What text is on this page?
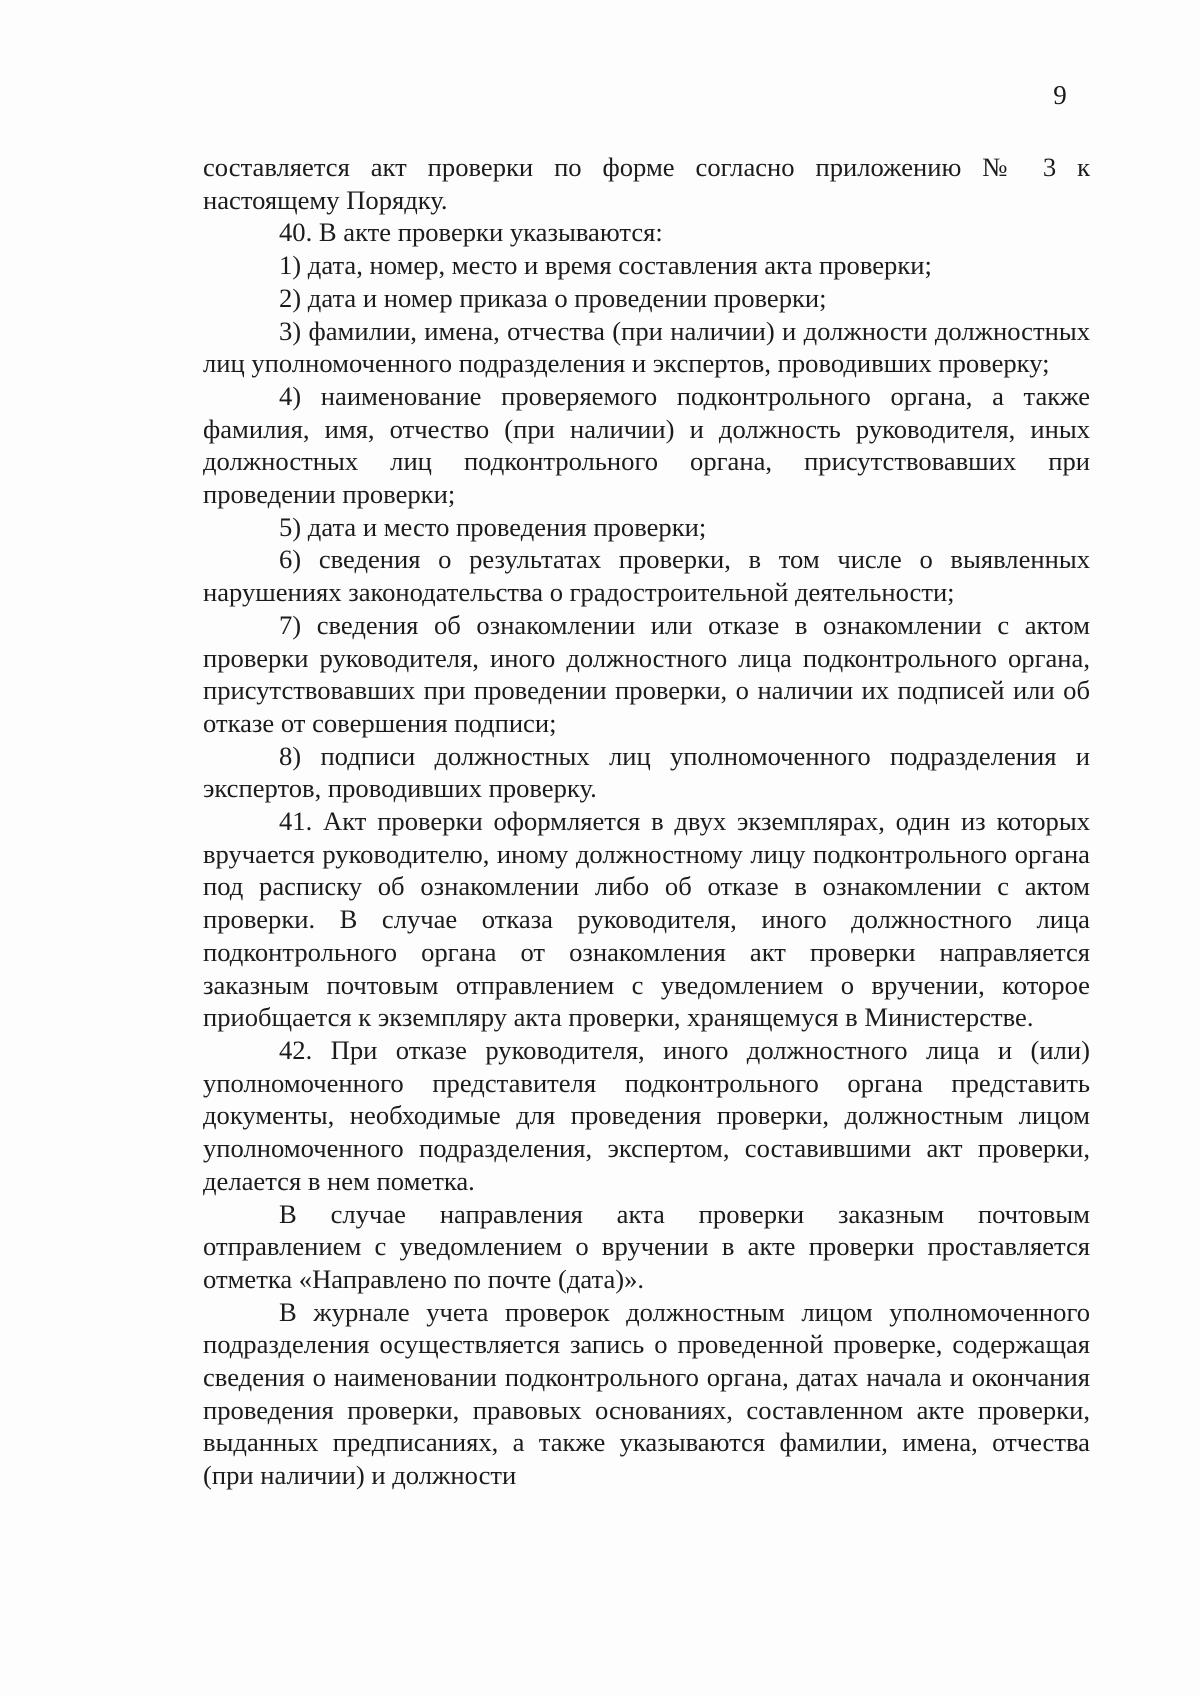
9

составляется акт проверки по форме согласно приложению № 3 к настоящему Порядку.

40. В акте проверки указываются:

1) дата, номер, место и время составления акта проверки;

2) дата и номер приказа о проведении проверки;

3) фамилии, имена, отчества (при наличии) и должности должностных лиц уполномоченного подразделения и экспертов, проводивших проверку;

4) наименование проверяемого подконтрольного органа, а также фамилия, имя, отчество (при наличии) и должность руководителя, иных должностных лиц подконтрольного органа, присутствовавших при проведении проверки;

5) дата и место проведения проверки;

6) сведения о результатах проверки, в том числе о выявленных нарушениях законодательства о градостроительной деятельности;

7) сведения об ознакомлении или отказе в ознакомлении с актом проверки руководителя, иного должностного лица подконтрольного органа, присутствовавших при проведении проверки, о наличии их подписей или об отказе от совершения подписи;

8) подписи должностных лиц уполномоченного подразделения и экспертов, проводивших проверку.

41. Акт проверки оформляется в двух экземплярах, один из которых вручается руководителю, иному должностному лицу подконтрольного органа под расписку об ознакомлении либо об отказе в ознакомлении с актом проверки. В случае отказа руководителя, иного должностного лица подконтрольного органа от ознакомления акт проверки направляется заказным почтовым отправлением с уведомлением о вручении, которое приобщается к экземпляру акта проверки, хранящемуся в Министерстве.

42. При отказе руководителя, иного должностного лица и (или) уполномоченного представителя подконтрольного органа представить документы, необходимые для проведения проверки, должностным лицом уполномоченного подразделения, экспертом, составившими акт проверки, делается в нем пометка.

В случае направления акта проверки заказным почтовым отправлением с уведомлением о вручении в акте проверки проставляется отметка «Направлено по почте (дата)».

В журнале учета проверок должностным лицом уполномоченного подразделения осуществляется запись о проведенной проверке, содержащая сведения о наименовании подконтрольного органа, датах начала и окончания проведения проверки, правовых основаниях, составленном акте проверки, выданных предписаниях, а также указываются фамилии, имена, отчества (при наличии) и должности
